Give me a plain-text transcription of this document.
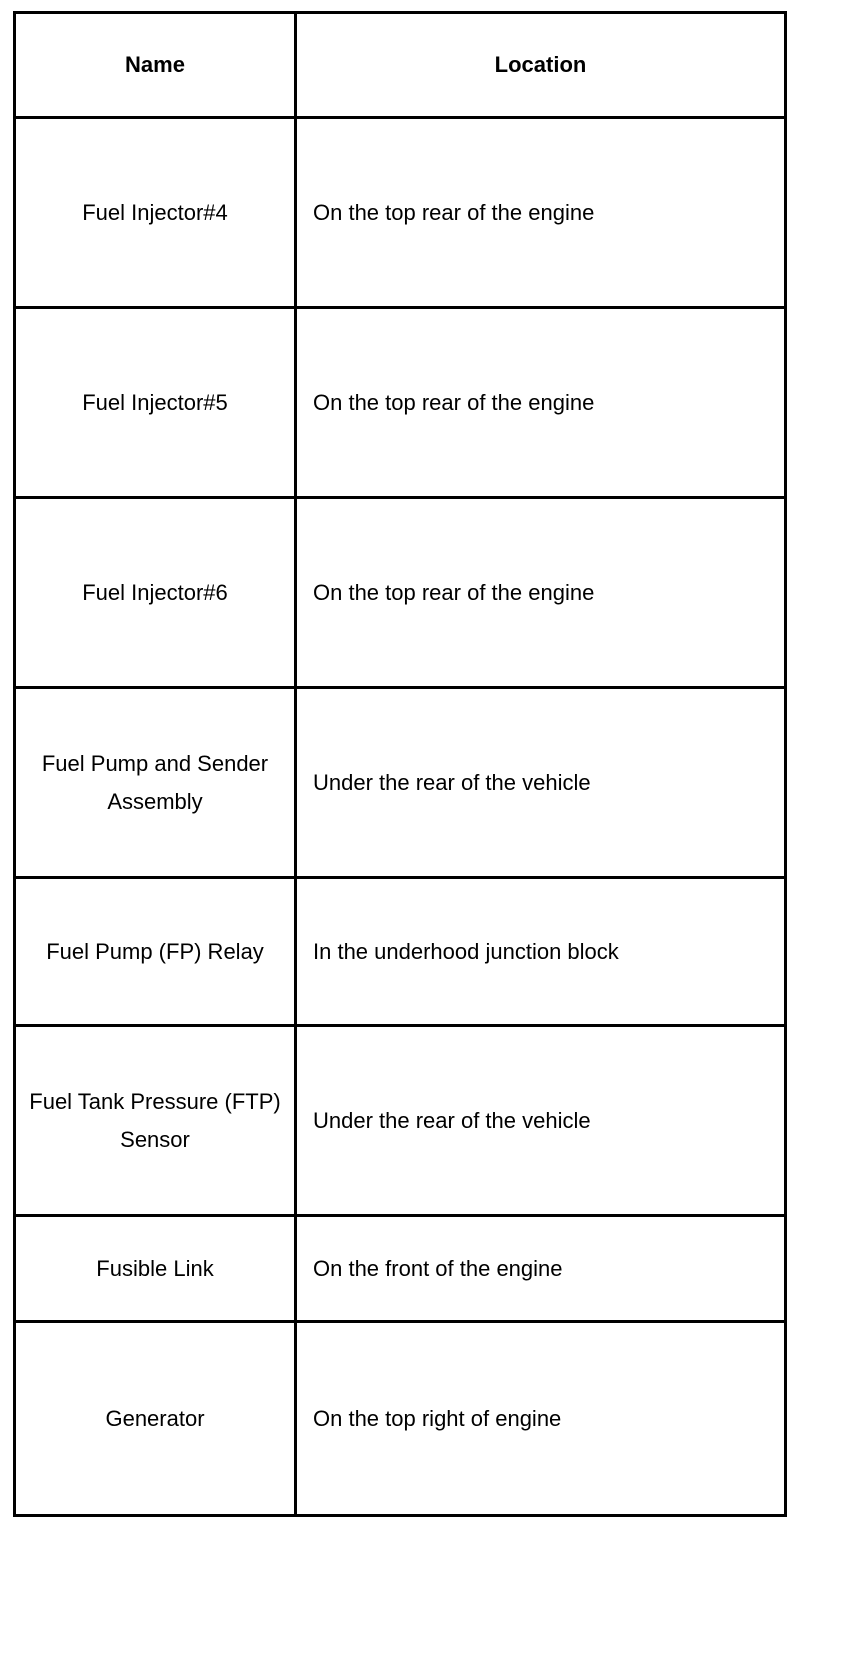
Name	Location
Fuel Injector#4	On the top rear of the engine
Fuel Injector#5	On the top rear of the engine
Fuel Injector#6	On the top rear of the engine
Fuel Pump and Sender Assembly	Under the rear of the vehicle
Fuel Pump (FP) Relay	In the underhood junction block
Fuel Tank Pressure (FTP) Sensor	Under the rear of the vehicle
Fusible Link	On the front of the engine
Generator	On the top right of engine
